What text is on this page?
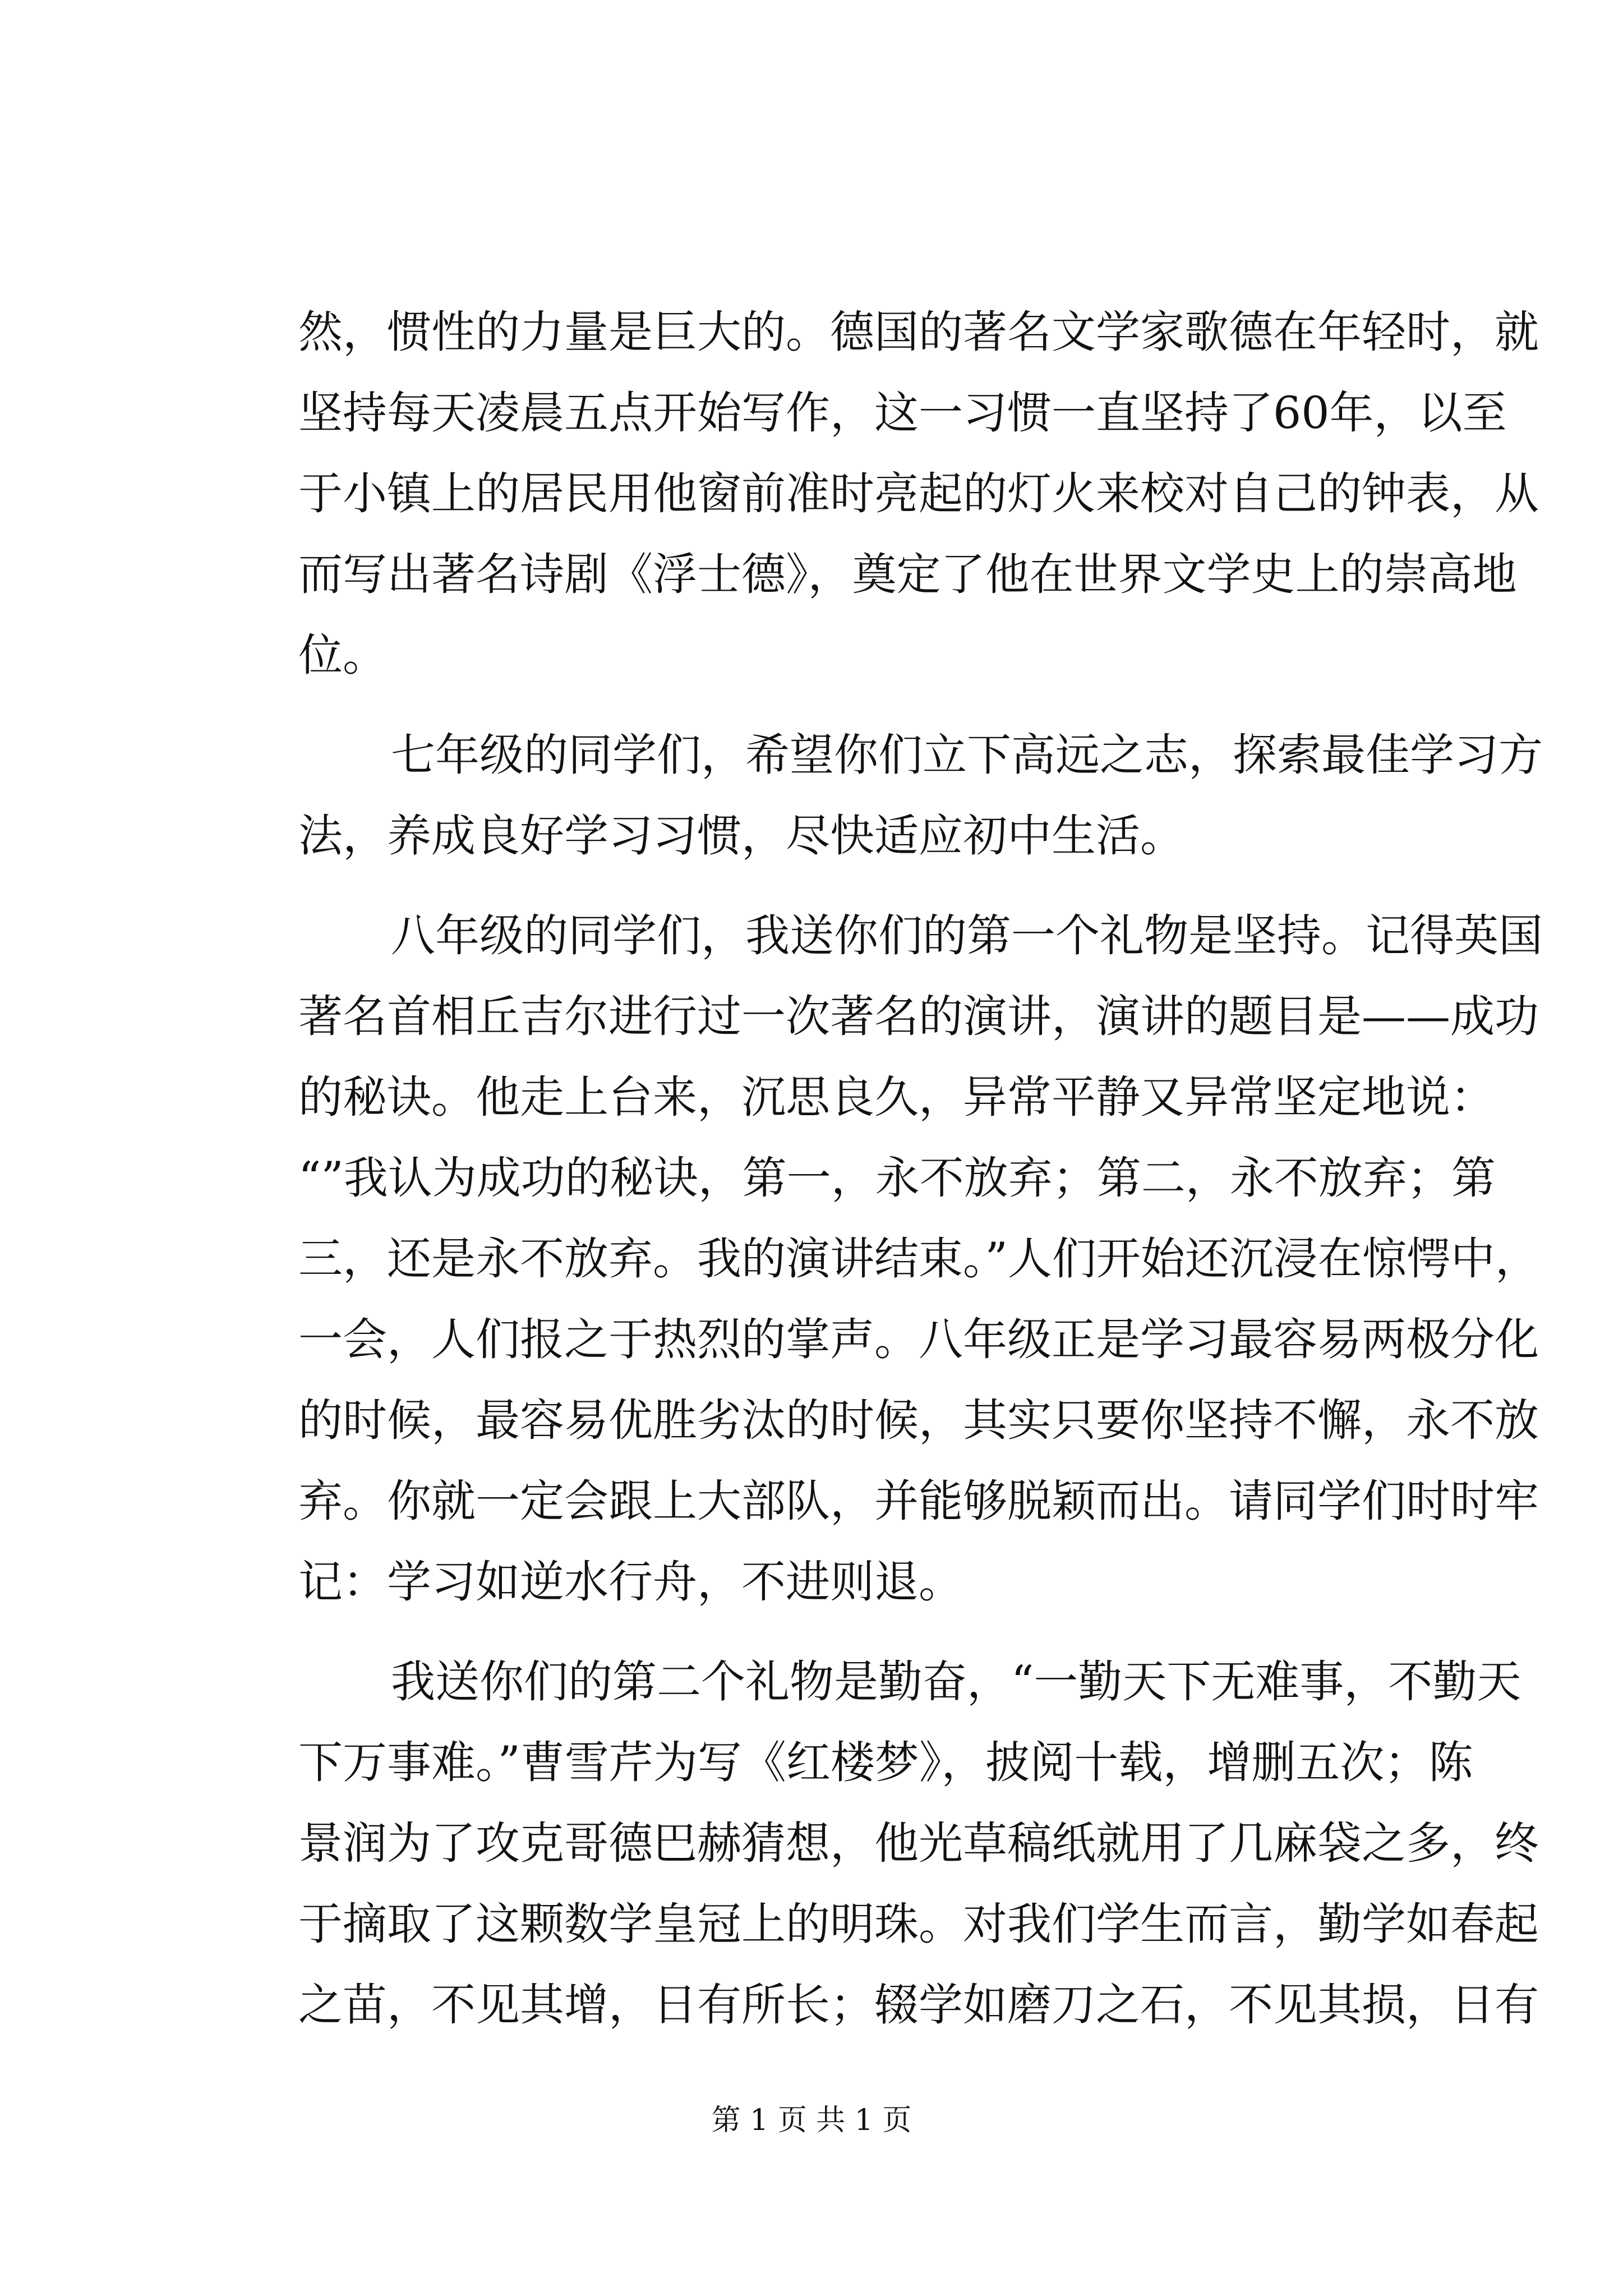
然，惯性的力量是巨大的。德国的著名文学家歌德在年轻时，就
坚持每天凌晨五点开始写作，这一习惯一直坚持了60年，以至
于小镇上的居民用他窗前准时亮起的灯火来校对自己的钟表，从
而写出著名诗剧《浮士德》，奠定了他在世界文学史上的崇高地
位。
七年级的同学们，希望你们立下高远之志，探索最佳学习方
法，养成良好学习习惯，尽快适应初中生活。
八年级的同学们，我送你们的第一个礼物是坚持。记得英国
著名首相丘吉尔进行过一次著名的演讲，演讲的题目是——成功
的秘诀。他走上台来，沉思良久，异常平静又异常坚定地说：
“”我认为成功的秘诀，第一，永不放弃；第二，永不放弃；第
三，还是永不放弃。我的演讲结束。”人们开始还沉浸在惊愕中，
一会，人们报之于热烈的掌声。八年级正是学习最容易两极分化
的时候，最容易优胜劣汰的时候，其实只要你坚持不懈，永不放
弃。你就一定会跟上大部队，并能够脱颖而出。请同学们时时牢
记：学习如逆水行舟，不进则退。
我送你们的第二个礼物是勤奋，“一勤天下无难事，不勤天
下万事难。”曹雪芹为写《红楼梦》，披阅十载，增删五次；陈
景润为了攻克哥德巴赫猜想，他光草稿纸就用了几麻袋之多，终
于摘取了这颗数学皇冠上的明珠。对我们学生而言，勤学如春起
之苗，不见其增，日有所长；辍学如磨刀之石，不见其损，日有
第 1 页 共 1 页
